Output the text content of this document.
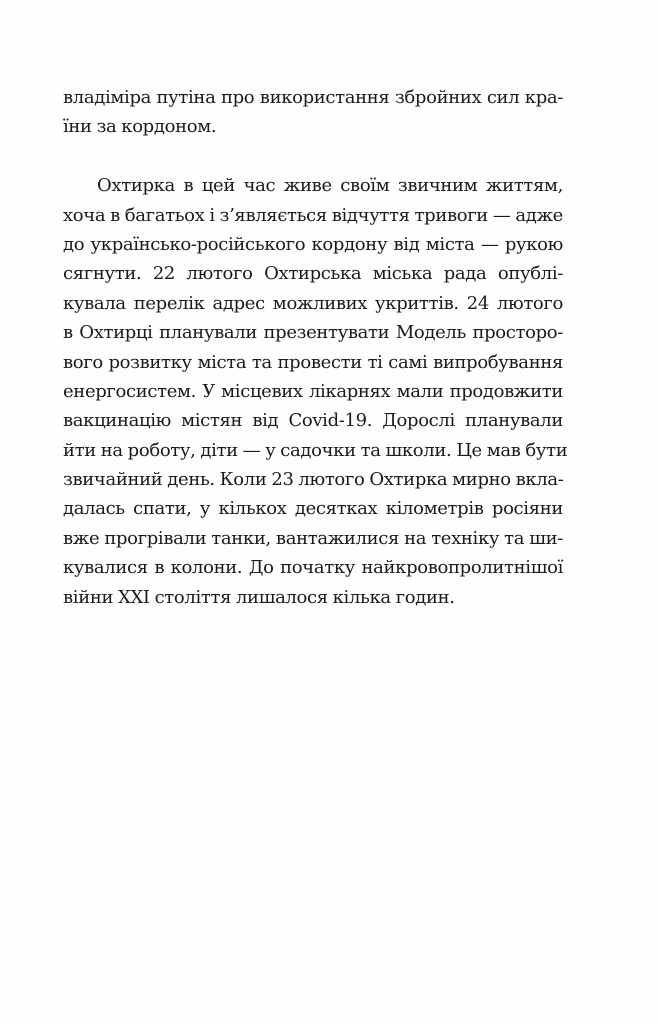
владіміра путіна про використання збройних сил кра-
їни за кордоном.
Охтирка в цей час живе своїм звичним життям,
хоча в багатьох і з’являється відчуття тривоги — адже
до українсько-російського кордону від міста — рукою
сягнути. 22 лютого Охтирська міська рада опублі-
кувала перелік адрес можливих укриттів. 24 лютого
в Охтирці планували презентувати Модель просторо-
вого розвитку міста та провести ті самі випробування
енергосистем. У місцевих лікарнях мали продовжити
вакцинацію містян від Covid-19. Дорослі планували
йти на роботу, діти — у садочки та школи. Це мав бути
звичайний день. Коли 23 лютого Охтирка мирно вкла-
далась спати, у кількох десятках кілометрів росіяни
вже прогрівали танки, вантажилися на техніку та ши-
кувалися в колони. До початку найкровопролитнішої
війни XXI століття лишалося кілька годин.
